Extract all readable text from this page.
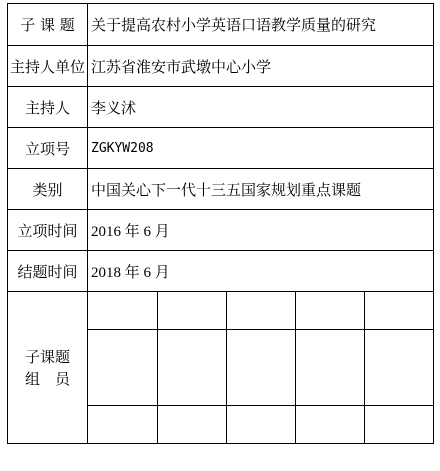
子 课 题	关于提高农村小学英语口语教学质量的研究
主持人单位	江苏省淮安市武墩中心小学
主持人	李义沭
立项号	ZGKYW208
类别	中国关心下一代十三五国家规划重点课题
立项时间	2016 年 6 月
结题时间	2018 年 6 月

子课题
组　员
